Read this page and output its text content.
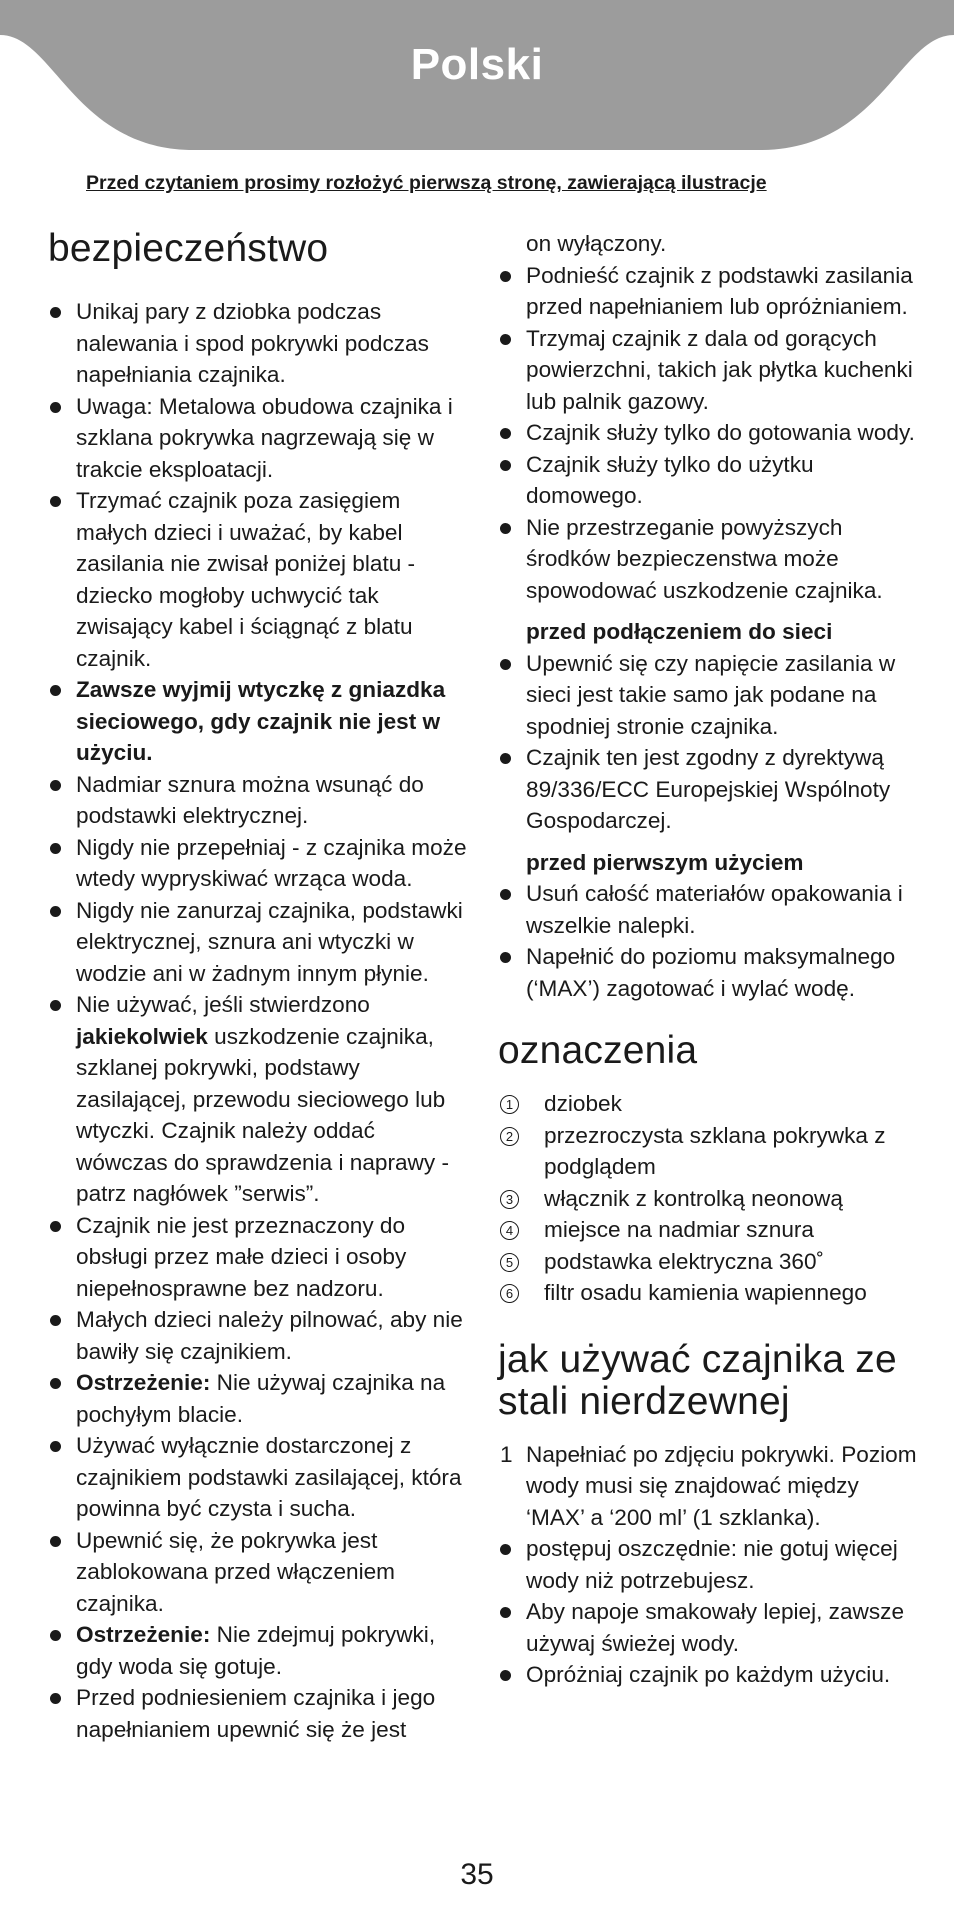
Polski
Przed czytaniem prosimy rozłożyć pierwszą stronę, zawierającą ilustracje
bezpieczeństwo
Unikaj pary z dziobka podczas nalewania i spod pokrywki podczas napełniania czajnika.
Uwaga: Metalowa obudowa czajnika i szklana pokrywka nagrzewają się w trakcie eksploatacji.
Trzymać czajnik poza zasięgiem małych dzieci i uważać, by kabel zasilania nie zwisał poniżej blatu - dziecko mogłoby uchwycić tak zwisający kabel i ściągnąć z blatu czajnik.
Zawsze wyjmij wtyczkę z gniazdka sieciowego, gdy czajnik nie jest w użyciu.
Nadmiar sznura można wsunąć do podstawki elektrycznej.
Nigdy nie przepełniaj - z czajnika może wtedy wypryskiwać wrząca woda.
Nigdy nie zanurzaj czajnika, podstawki elektrycznej, sznura ani wtyczki w wodzie ani w żadnym innym płynie.
Nie używać, jeśli stwierdzono jakiekolwiek uszkodzenie czajnika, szklanej pokrywki, podstawy zasilającej, przewodu sieciowego lub wtyczki. Czajnik należy oddać wówczas do sprawdzenia i naprawy - patrz nagłówek ”serwis”.
Czajnik nie jest przeznaczony do obsługi przez małe dzieci i osoby niepełnosprawne bez nadzoru.
Małych dzieci należy pilnować, aby nie bawiły się czajnikiem.
Ostrzeżenie: Nie używaj czajnika na pochyłym blacie.
Używać wyłącznie dostarczonej z czajnikiem podstawki zasilającej, która powinna być czysta i sucha.
Upewnić się, że pokrywka jest zablokowana przed włączeniem czajnika.
Ostrzeżenie: Nie zdejmuj pokrywki, gdy woda się gotuje.
Przed podniesieniem czajnika i jego napełnianiem upewnić się że jest
on wyłączony.
Podnieść czajnik z podstawki zasilania przed napełnianiem lub opróżnianiem.
Trzymaj czajnik z dala od gorących powierzchni, takich jak płytka kuchenki lub palnik gazowy.
Czajnik służy tylko do gotowania wody.
Czajnik służy tylko do użytku domowego.
Nie przestrzeganie powyższych środków bezpieczenstwa może spowodować uszkodzenie czajnika.
przed podłączeniem do sieci
Upewnić się czy napięcie zasilania w sieci jest takie samo jak podane na spodniej stronie czajnika.
Czajnik ten jest zgodny z dyrektywą 89/336/ECC Europejskiej Wspólnoty Gospodarczej.
przed pierwszym użyciem
Usuń całość materiałów opakowania i wszelkie nalepki.
Napełnić do poziomu maksymalnego (‘MAX’) zagotować i wylać wodę.
oznaczenia
1 dziobek
2 przezroczysta szklana pokrywka z podglądem
3 włącznik z kontrolką neonową
4 miejsce na nadmiar sznura
5 podstawka elektryczna 360˚
6 filtr osadu kamienia wapiennego
jak używać czajnika ze stali nierdzewnej
1 Napełniać po zdjęciu pokrywki. Poziom wody musi się znajdować między ‘MAX’ a ‘200 ml’ (1 szklanka).
postępuj oszczędnie: nie gotuj więcej wody niż potrzebujesz.
Aby napoje smakowały lepiej, zawsze używaj świeżej wody.
Opróżniaj czajnik po każdym użyciu.
35
